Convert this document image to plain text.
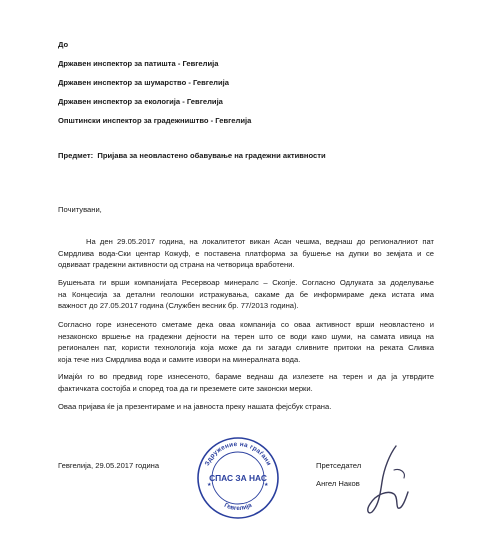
До
Државен инспектор за патишта - Гевгелија
Државен инспектор за шумарство - Гевгелија
Државен инспектор за екологија - Гевгелија
Општински инспектор за градежништво - Гевгелија
Предмет: Пријава за неовластено обавување на градежни активности
Почитувани,
На ден 29.05.2017 година, на локалитетот викан Асан чешма, веднаш до регионалниот пат
Смрдлива вода-Ски центар Кожуф, е поставена платформа за бушење на дупки во земјата и се
одвиваат градежни активности од страна на четворица вработени.
Бушењата ги врши компанијата Ресервоар минералс – Скопје. Согласно Одлуката за доделување
на Концесија за детални геолошки истражувања, сакаме да бе информираме дека истата има
важност до 27.05.2017 година (Службен весник бр. 77/2013 година).
Согласно горе изнесеното сметаме дека оваа компанија со оваа активност врши неовластено и
незаконско вршење на градежни дејности на терен што се води како шуми, на самата ивица на
регионален пат, користи технологија која може да ги загади сливните притоки на реката Сливка
која тече низ Смрдлива вода и самите извори на минералната вода.
Имајќи го во предвид горе изнесеното, бараме веднаш да излезете на терен и да ја утврдите
фактичката состојба и според тоа да ги преземете сите законски мерки.
Оваа пријава ќе ја презентираме и на јавноста преку нашата фејсбук страна.
Гевгелија, 29.05.2017 година	Претседател
Ангел Наков
Здружение на граѓани
СПАС ЗА НАС
Гевгелија
★	★
